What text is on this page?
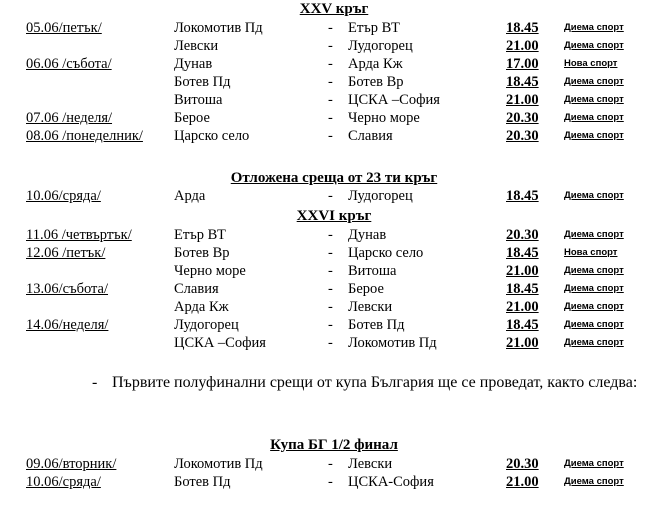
XXV кръг
05.06/петък/	Локомотив Пд	- Етър ВТ	18.45	Диема спорт
Левски	- Лудогорец	21.00	Диема спорт
06.06 /събота/	Дунав	- Арда Кж	17.00	Нова спорт
Ботев Пд	- Ботев Вр	18.45	Диема спорт
Витоша	- ЦСКА –София	21.00	Диема спорт
07.06 /неделя/	Берое	- Черно море	20.30	Диема спорт
08.06 /понеделник/ Царско село	- Славия	20.30	Диема спорт
Отложена среща от 23 ти кръг
10.06/сряда/	Арда	- Лудогорец	18.45	Диема спорт
XXVI кръг
11.06 /четвъртък/	Етър ВТ	- Дунав	20.30	Диема спорт
12.06 /петък/	Ботев Вр	- Царско село	18.45	Нова спорт
Черно море	- Витоша	21.00	Диема спорт
13.06/събота/	Славия	- Берое	18.45	Диема спорт
Арда Кж	- Левски	21.00	Диема спорт
14.06/неделя/	Лудогорец	- Ботев Пд	18.45	Диема спорт
ЦСКА –София	- Локомотив Пд	21.00	Диема спорт
- Първите полуфинални срещи от купа България ще се проведат, както следва:
Купа БГ 1/2 финал
09.06/вторник/	Локомотив Пд	- Левски	20.30	Диема спорт
10.06/сряда/	Ботев Пд	- ЦСКА-София	21.00	Диема спорт
